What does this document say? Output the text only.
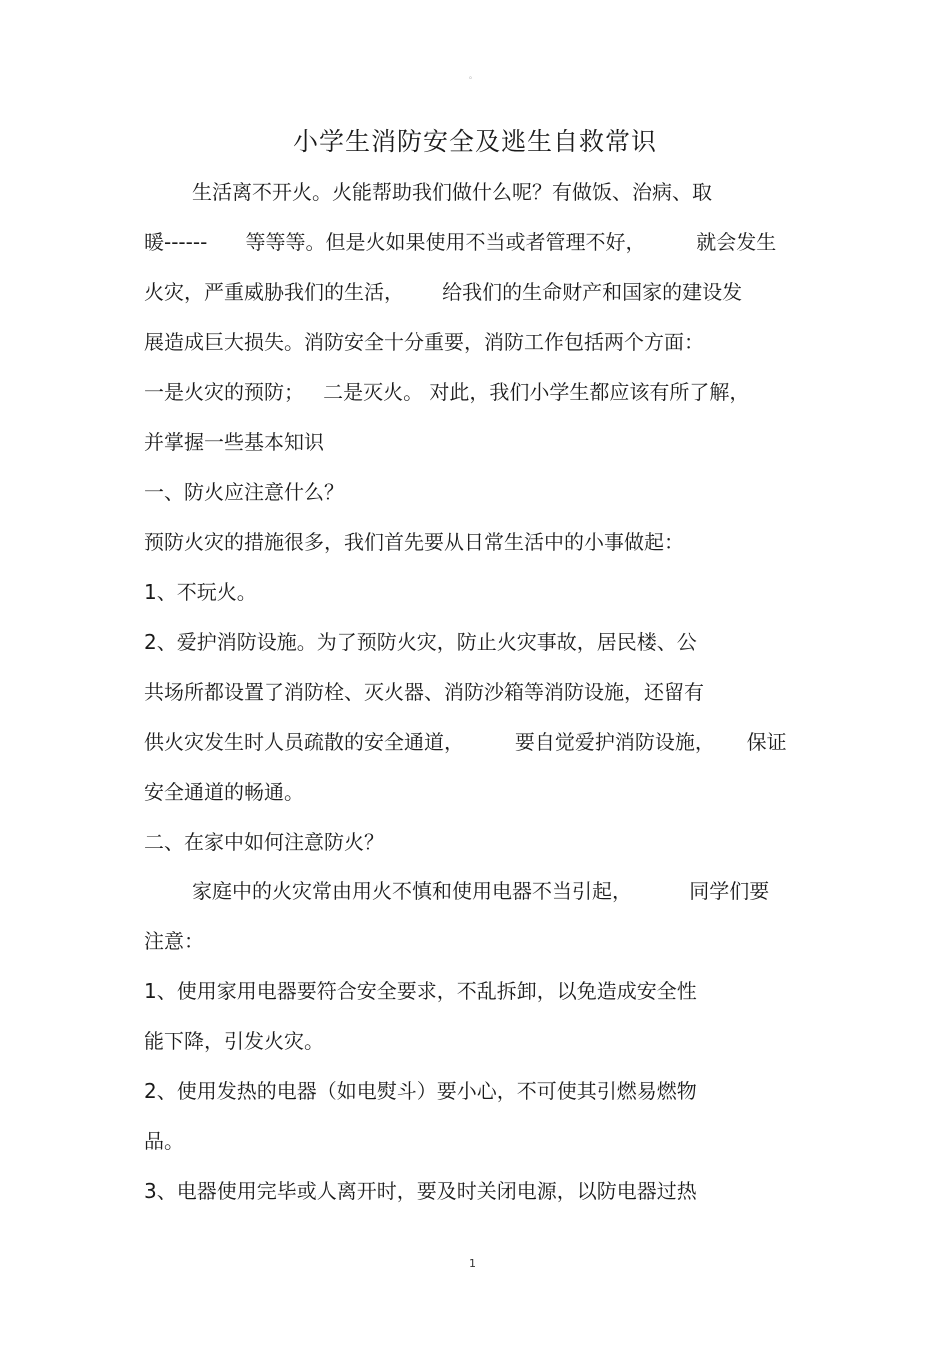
。
小学生消防安全及逃生自救常识
生活离不开火。火能帮助我们做什么呢？有做饭、治病、取
暖------      等等等。但是火如果使用不当或者管理不好，        就会发生
火灾，严重威胁我们的生活，      给我们的生命财产和国家的建设发
展造成巨大损失。消防安全十分重要，消防工作包括两个方面：
一是火灾的预防；   二是灭火。 对此，我们小学生都应该有所了解，
并掌握一些基本知识
一、防火应注意什么？
预防火灾的措施很多，我们首先要从日常生活中的小事做起：
1、不玩火。
2、爱护消防设施。为了预防火灾，防止火灾事故，居民楼、公
共场所都设置了消防栓、灭火器、消防沙箱等消防设施，还留有
供火灾发生时人员疏散的安全通道，        要自觉爱护消防设施，     保证
安全通道的畅通。
二、在家中如何注意防火？
家庭中的火灾常由用火不慎和使用电器不当引起，         同学们要
注意：
1、使用家用电器要符合安全要求，不乱拆卸，以免造成安全性
能下降，引发火灾。
2、使用发热的电器（如电熨斗）要小心，不可使其引燃易燃物
品。
3、电器使用完毕或人离开时，要及时关闭电源，以防电器过热
1
